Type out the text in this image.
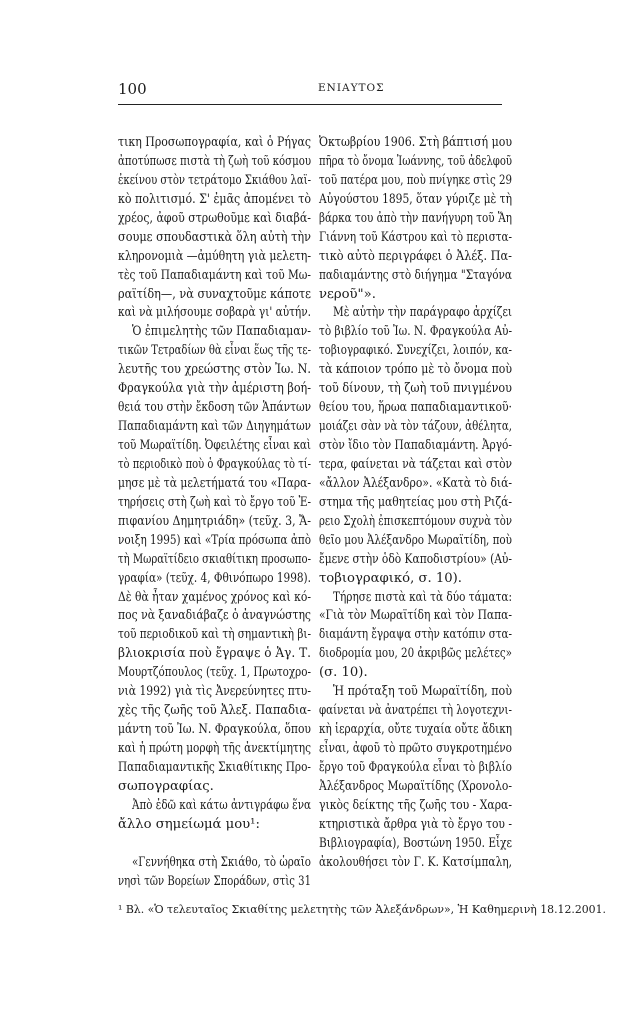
100	ΕΝΙΑΥΤΟΣ
τικη Προσωπογραφία, καὶ ὁ Ρήγας
ἀποτύπωσε πιστὰ τὴ ζωὴ τοῦ κόσμου
ἐκείνου στὸν τετράτομο Σκιάθου λαϊ-
κὸ πολιτισμό. Σ' ἐμᾶς ἀπομένει τὸ
χρέος, ἀφοῦ στρωθοῦμε καὶ διαβά-
σουμε σπουδαστικὰ ὅλη αὐτὴ τὴν
κληρονομιὰ —ἀμύθητη γιὰ μελετη-
τὲς τοῦ Παπαδιαμάντη καὶ τοῦ Μω-
ραϊτίδη—, νὰ συναχτοῦμε κάποτε
καὶ νὰ μιλήσουμε σοβαρὰ γι' αὐτήν.
Ὁ ἐπιμελητὴς τῶν Παπαδιαμαν-
τικῶν Τετραδίων θὰ εἶναι ἕως τῆς τε-
λευτῆς του χρεώστης στὸν Ἰω. Ν.
Φραγκούλα γιὰ τὴν ἀμέριστη βοή-
θειά του στὴν ἔκδοση τῶν Ἁπάντων
Παπαδιαμάντη καὶ τῶν Διηγημάτων
τοῦ Μωραϊτίδη. Ὀφειλέτης εἶναι καὶ
τὸ περιοδικὸ ποὺ ὁ Φραγκούλας τὸ τί-
μησε μὲ τὰ μελετήματά του «Παρα-
τηρήσεις στὴ ζωὴ καὶ τὸ ἔργο τοῦ Ἐ-
πιφανίου Δημητριάδη» (τεῦχ. 3, Ἄ-
νοιξη 1995) καὶ «Τρία πρόσωπα ἀπὸ
τὴ Μωραϊτίδειο σκιαθίτικη προσωπο-
γραφία» (τεῦχ. 4, Φθινόπωρο 1998).
Δὲ θὰ ἦταν χαμένος χρόνος καὶ κό-
πος νὰ ξαναδιάβαζε ὁ ἀναγνώστης
τοῦ περιοδικοῦ καὶ τὴ σημαντικὴ βι-
βλιοκρισία ποὺ ἔγραψε ὁ Ἀγ. Τ.
Μουρτζόπουλος (τεῦχ. 1, Πρωτοχρο-
νιὰ 1992) γιὰ τὶς Ἀνερεύνητες πτυ-
χὲς τῆς ζωῆς τοῦ Ἀλεξ. Παπαδια-
μάντη τοῦ Ἰω. Ν. Φραγκούλα, ὅπου
καὶ ἡ πρώτη μορφὴ τῆς ἀνεκτίμητης
Παπαδιαμαντικῆς Σκιαθίτικης Προ-
σωπογραφίας.
Ἀπὸ ἐδῶ καὶ κάτω ἀντιγράφω ἕνα
ἄλλο σημείωμά μου¹:
«Γεννήθηκα στὴ Σκιάθο, τὸ ὡραῖο
νησὶ τῶν Βορείων Σποράδων, στὶς 31
Ὀκτωβρίου 1906. Στὴ βάπτισή μου
πῆρα τὸ ὄνομα Ἰωάννης, τοῦ ἀδελφοῦ
τοῦ πατέρα μου, ποὺ πνίγηκε στὶς 29
Αὐγούστου 1895, ὅταν γύριζε μὲ τὴ
βάρκα του ἀπὸ τὴν πανήγυρη τοῦ Ἅη
Γιάννη τοῦ Κάστρου καὶ τὸ περιστα-
τικὸ αὐτὸ περιγράφει ὁ Ἀλέξ. Πα-
παδιαμάντης στὸ διήγημα "Σταγόνα
νεροῦ"».
Μὲ αὐτὴν τὴν παράγραφο ἀρχίζει
τὸ βιβλίο τοῦ Ἰω. Ν. Φραγκούλα Αὐ-
τοβιογραφικό. Συνεχίζει, λοιπόν, κα-
τὰ κάποιον τρόπο μὲ τὸ ὄνομα ποὺ
τοῦ δίνουν, τὴ ζωὴ τοῦ πνιγμένου
θείου του, ἥρωα παπαδιαμαντικοῦ·
μοιάζει σὰν νὰ τὸν τάζουν, ἀθέλητα,
στὸν ἴδιο τὸν Παπαδιαμάντη. Ἀργό-
τερα, φαίνεται νὰ τάζεται καὶ στὸν
«ἄλλον Ἀλέξανδρο». «Κατὰ τὸ διά-
στημα τῆς μαθητείας μου στὴ Ριζά-
ρειο Σχολὴ ἐπισκεπτόμουν συχνὰ τὸν
θεῖο μου Ἀλέξανδρο Μωραϊτίδη, ποὺ
ἔμενε στὴν ὁδὸ Καποδιστρίου» (Αὐ-
τοβιογραφικό, σ. 10).
Τήρησε πιστὰ καὶ τὰ δύο τάματα:
«Γιὰ τὸν Μωραϊτίδη καὶ τὸν Παπα-
διαμάντη ἔγραψα στὴν κατόπιν στα-
διοδρομία μου, 20 ἀκριβῶς μελέτες»
(σ. 10).
Ἡ πρόταξη τοῦ Μωραϊτίδη, ποὺ
φαίνεται νὰ ἀνατρέπει τὴ λογοτεχνι-
κὴ ἱεραρχία, οὔτε τυχαία οὔτε ἄδικη
εἶναι, ἀφοῦ τὸ πρῶτο συγκροτημένο
ἔργο τοῦ Φραγκούλα εἶναι τὸ βιβλίο
Ἀλέξανδρος Μωραϊτίδης (Χρονολο-
γικὸς δείκτης τῆς ζωῆς του - Χαρα-
κτηριστικὰ ἄρθρα γιὰ τὸ ἔργο του -
Βιβλιογραφία), Βοστώνη 1950. Εἶχε
ἀκολουθήσει τὸν Γ. Κ. Κατσίμπαλη,
¹ Βλ. «Ὁ τελευταῖος Σκιαθίτης μελετητὴς τῶν Ἀλεξάνδρων», Ἡ Καθημερινὴ 18.12.2001.
